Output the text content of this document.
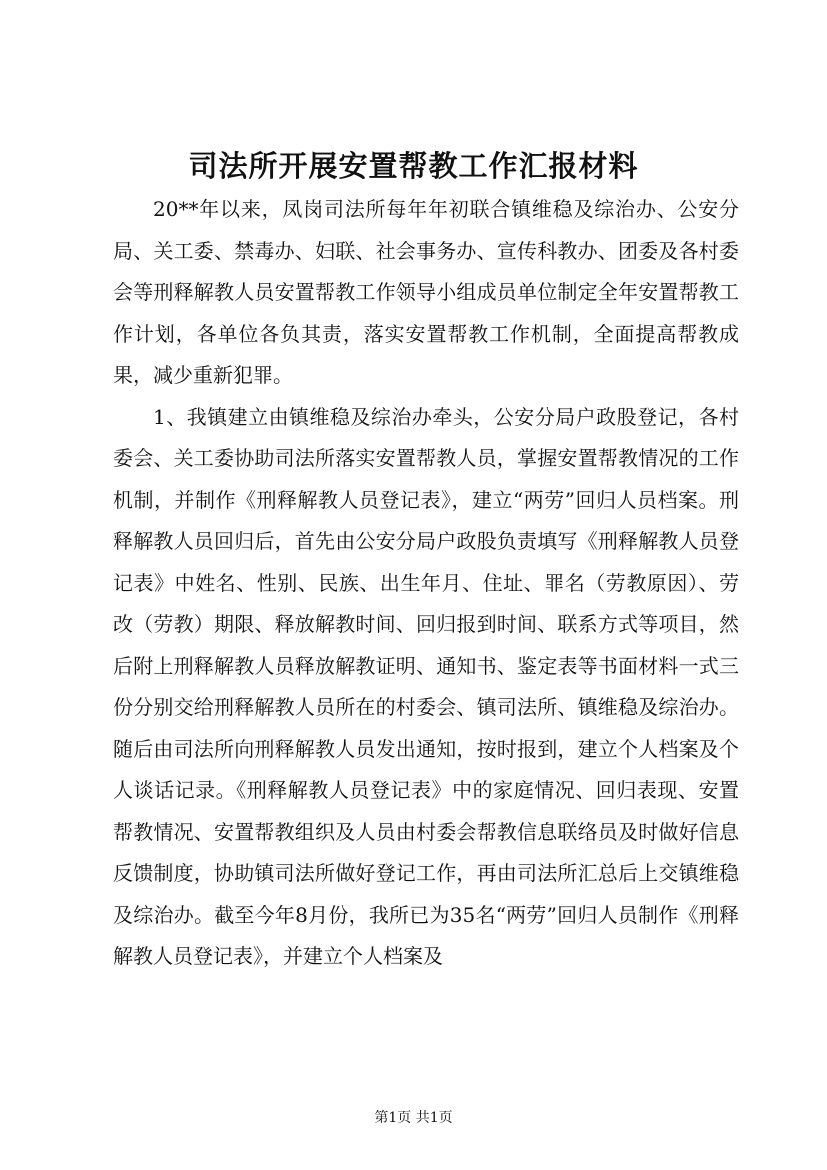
司法所开展安置帮教工作汇报材料

20**年以来，凤岗司法所每年年初联合镇维稳及综治办、公安分局、关工委、禁毒办、妇联、社会事务办、宣传科教办、团委及各村委会等刑释解教人员安置帮教工作领导小组成员单位制定全年安置帮教工作计划，各单位各负其责，落实安置帮教工作机制，全面提高帮教成果，减少重新犯罪。

1、我镇建立由镇维稳及综治办牵头，公安分局户政股登记，各村委会、关工委协助司法所落实安置帮教人员，掌握安置帮教情况的工作机制，并制作《刑释解教人员登记表》，建立“两劳”回归人员档案。刑释解教人员回归后，首先由公安分局户政股负责填写《刑释解教人员登记表》中姓名、性别、民族、出生年月、住址、罪名（劳教原因）、劳改（劳教）期限、释放解教时间、回归报到时间、联系方式等项目，然后附上刑释解教人员释放解教证明、通知书、鉴定表等书面材料一式三份分别交给刑释解教人员所在的村委会、镇司法所、镇维稳及综治办。随后由司法所向刑释解教人员发出通知，按时报到，建立个人档案及个人谈话记录。《刑释解教人员登记表》中的家庭情况、回归表现、安置帮教情况、安置帮教组织及人员由村委会帮教信息联络员及时做好信息反馈制度，协助镇司法所做好登记工作，再由司法所汇总后上交镇维稳及综治办。截至今年8月份，我所已为35名“两劳”回归人员制作《刑释解教人员登记表》，并建立个人档案及

第1页 共1页
